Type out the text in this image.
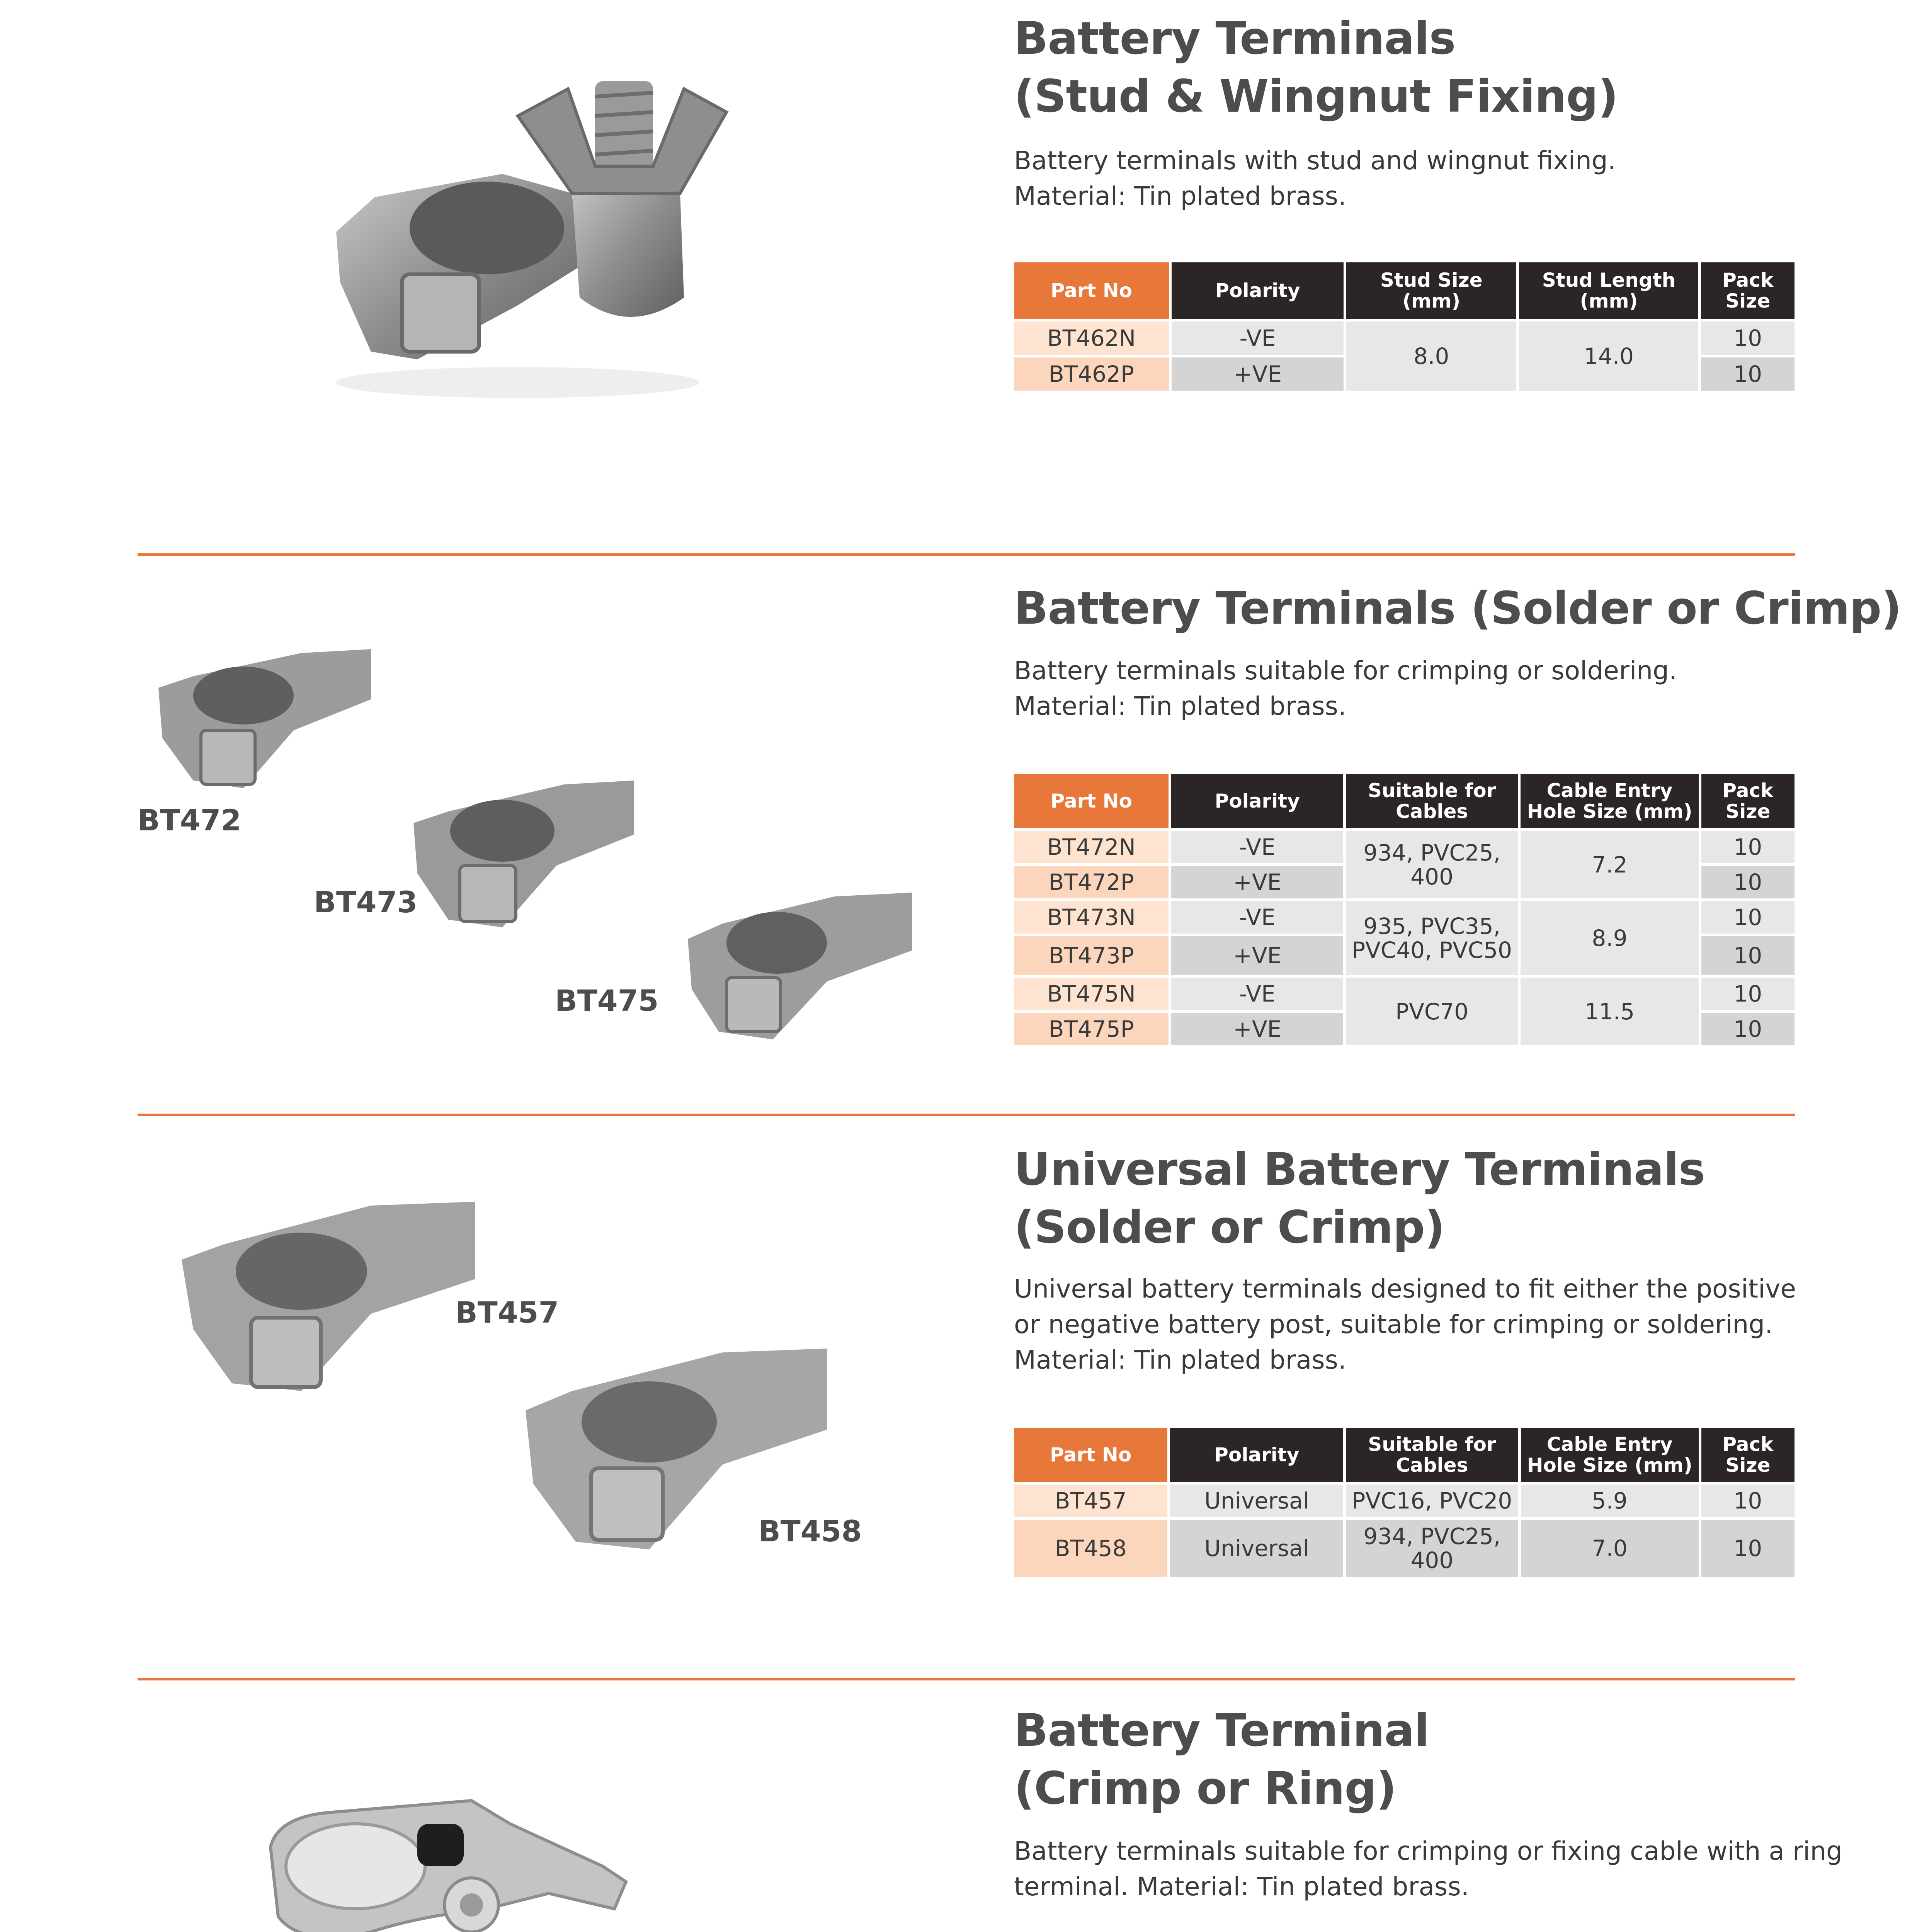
Battery Terminals
(Stud & Wingnut Fixing)

Battery terminals with stud and wingnut fixing.
Material: Tin plated brass.

Part No	Polarity	Stud Size (mm)	Stud Length (mm)	Pack Size
BT462N	-VE	8.0	14.0	10
BT462P	+VE			10

BT472

BT473

BT475

Battery Terminals (Solder or Crimp)

Battery terminals suitable for crimping or soldering.
Material: Tin plated brass.

Part No	Polarity	Suitable for Cables	Cable Entry Hole Size (mm)	Pack Size
BT472N	-VE	934, PVC25, 400	7.2	10
BT472P	+VE			10
BT473N	-VE	935, PVC35, PVC40, PVC50	8.9	10
BT473P	+VE			10
BT475N	-VE	PVC70	11.5	10
BT475P	+VE			10

BT457

BT458

Universal Battery Terminals
(Solder or Crimp)

Universal battery terminals designed to fit either the positive
or negative battery post, suitable for crimping or soldering.
Material: Tin plated brass.

Part No	Polarity	Suitable for Cables	Cable Entry Hole Size (mm)	Pack Size
BT457	Universal	PVC16, PVC20	5.9	10
BT458	Universal	934, PVC25, 400	7.0	10
Battery Terminal
(Crimp or Ring)

Battery terminals suitable for crimping or fixing cable with a ring
terminal. Material: Tin plated brass.
